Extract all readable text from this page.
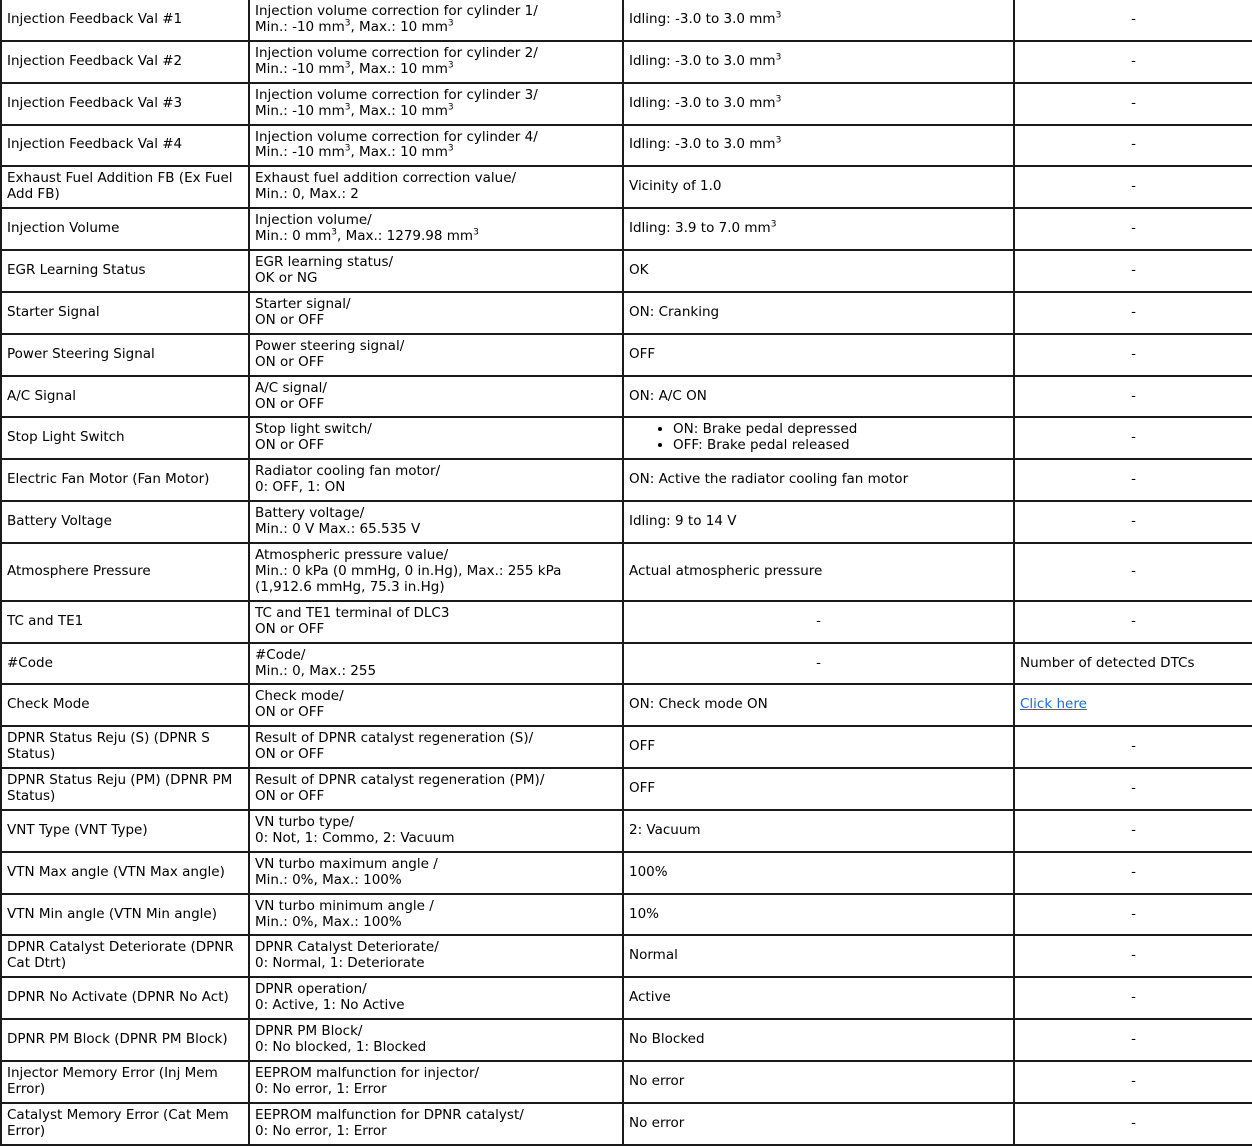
Injection Feedback Val #1	Injection volume correction for cylinder 1/
Min.: -10 $mm^3$, Max.: 10 $mm^3$	Idling: -3.0 to 3.0 $mm^3$	-
Injection Feedback Val #2	Injection volume correction for cylinder 2/
Min.: -10 $mm^3$, Max.: 10 $mm^3$	Idling: -3.0 to 3.0 $mm^3$	-
Injection Feedback Val #3	Injection volume correction for cylinder 3/
Min.: -10 $mm^3$, Max.: 10 $mm^3$	Idling: -3.0 to 3.0 $mm^3$	-
Injection Feedback Val #4	Injection volume correction for cylinder 4/
Min.: -10 $mm^3$, Max.: 10 $mm^3$	Idling: -3.0 to 3.0 $mm^3$	-
Exhaust Fuel Addition FB (Ex Fuel Add FB)	Exhaust fuel addition correction value/
Min.: 0, Max.: 2	Vicinity of 1.0	-
Injection Volume	Injection volume/
Min.: 0 $mm^3$, Max.: 1279.98 $mm^3$	Idling: 3.9 to 7.0 $mm^3$	-
EGR Learning Status	EGR learning status/
OK or NG	OK	-
Starter Signal	Starter signal/
ON or OFF	ON: Cranking	-
Power Steering Signal	Power steering signal/
ON or OFF	OFF	-
A/C Signal	A/C signal/
ON or OFF	ON: A/C ON	-
Stop Light Switch	Stop light switch/
ON or OFF

• ON: Brake pedal depressed
• OFF: Brake pedal released	-
Electric Fan Motor (Fan Motor)	Radiator cooling fan motor/
0: OFF, 1: ON	ON: Active the radiator cooling fan motor	-
Battery Voltage	Battery voltage/
Min.: 0 V Max.: 65.535 V	Idling: 9 to 14 V	-
Atmosphere Pressure	Atmospheric pressure value/
Min.: 0 kPa (0 mmHg, 0 in.Hg), Max.: 255 kPa (1,912.6 mmHg, 75.3 in.Hg)	Actual atmospheric pressure	-
TC and TE1	TC and TE1 terminal of DLC3
ON or OFF	-	-
#Code	#Code/
Min.: 0, Max.: 255	-	Number of detected DTCs
Check Mode	Check mode/
ON or OFF	ON: Check mode ON	Click here
DPNR Status Reju (S) (DPNR S Status)	Result of DPNR catalyst regeneration (S)/
ON or OFF	OFF	-
DPNR Status Reju (PM) (DPNR PM Status)	Result of DPNR catalyst regeneration (PM)/
ON or OFF	OFF	-
VNT Type (VNT Type)	VN turbo type/
0: Not, 1: Commo, 2: Vacuum	2: Vacuum	-
VTN Max angle (VTN Max angle)	VN turbo maximum angle /
Min.: 0%, Max.: 100%	100%	-
VTN Min angle (VTN Min angle)	VN turbo minimum angle /
Min.: 0%, Max.: 100%	10%	-
DPNR Catalyst Deteriorate (DPNR Cat Dtrt)	DPNR Catalyst Deteriorate/
0: Normal, 1: Deteriorate	Normal	-
DPNR No Activate (DPNR No Act)	DPNR operation/
0: Active, 1: No Active	Active	-
DPNR PM Block (DPNR PM Block)	DPNR PM Block/
0: No blocked, 1: Blocked	No Blocked	-
Injector Memory Error (Inj Mem Error)	EEPROM malfunction for injector/
0: No error, 1: Error	No error	-
Catalyst Memory Error (Cat Mem Error)	EEPROM malfunction for DPNR catalyst/
0: No error, 1: Error	No error	-
